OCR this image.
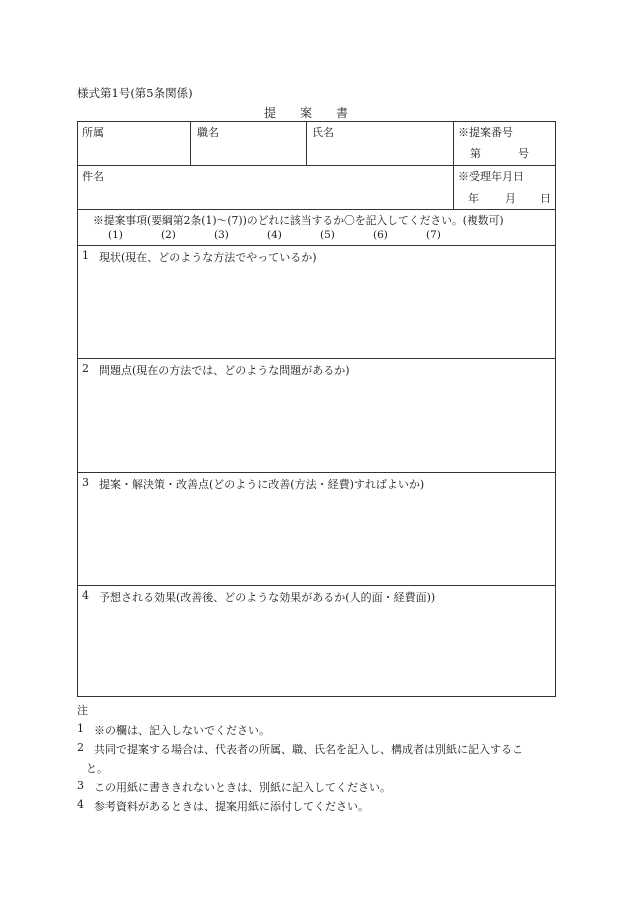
様式第1号(第5条関係)
提 案 書
所属	職名	氏名	※提案番号
第	号
件名	※受理年月日
年 月 日
※提案事項(要綱第2条(1)～(7))のどれに該当するか〇を記入してください。(複数可)
(1)	(2)	(3)	(4)	(5)	(6)	(7)
1 現状(現在、どのような方法でやっているか)
2 問題点(現在の方法では、どのような問題があるか)
3 提案・解決策・改善点(どのように改善(方法・経費)すればよいか)
4 予想される効果(改善後、どのような効果があるか(人的面・経費面))
注
1 ※の欄は、記入しないでください。
2 共同で提案する場合は、代表者の所属、職、氏名を記入し、構成者は別紙に記入するこ
と。
3 この用紙に書ききれないときは、別紙に記入してください。
4 参考資料があるときは、提案用紙に添付してください。
